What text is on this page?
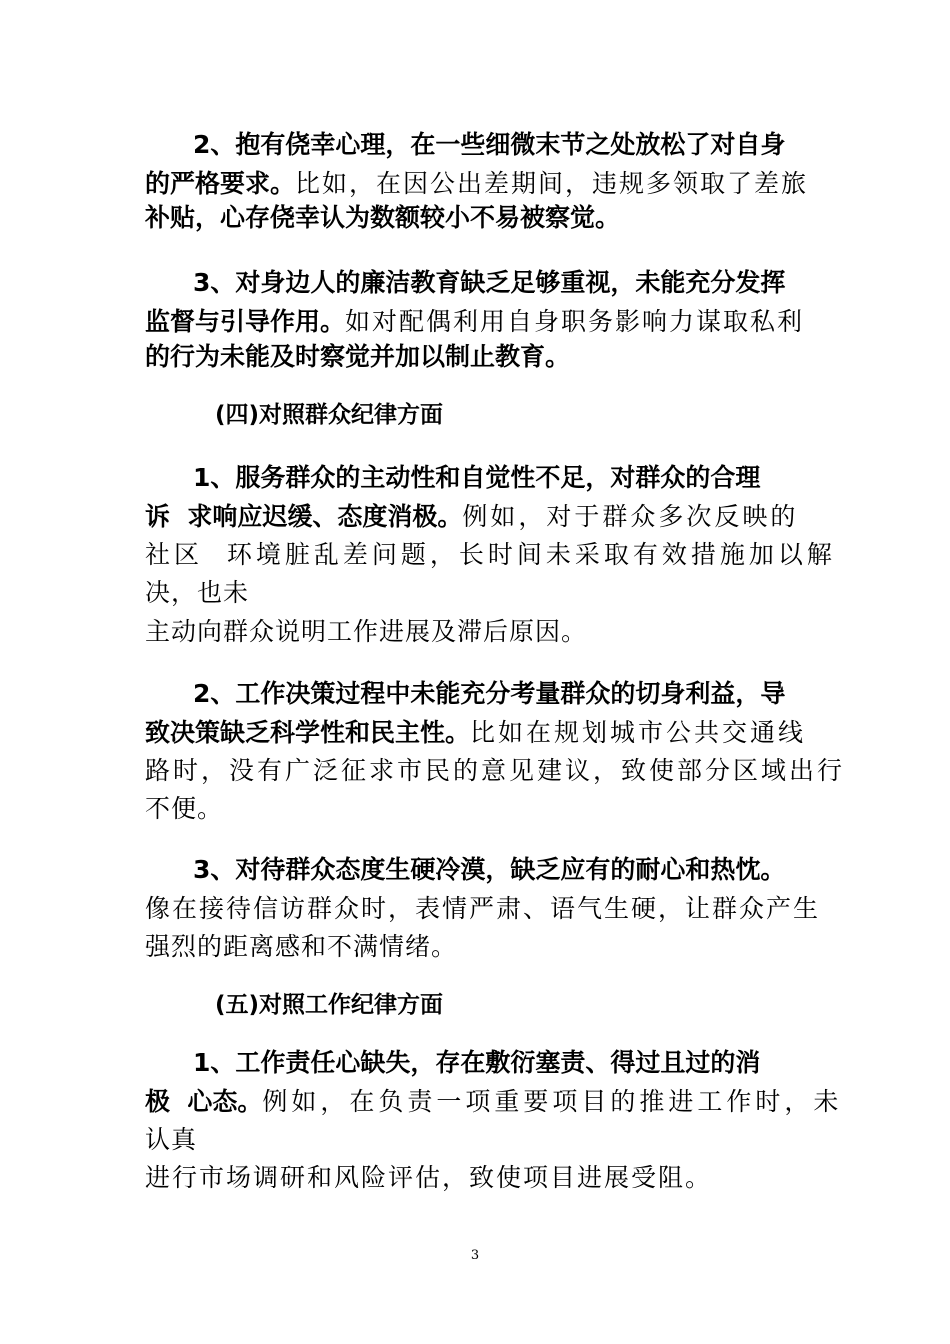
2、抱有侥幸心理，在一些细微末节之处放松了对自身
的严格要求。比如，在因公出差期间，违规多领取了差旅
补贴，心存侥幸认为数额较小不易被察觉。
3、对身边人的廉洁教育缺乏足够重视，未能充分发挥
监督与引导作用。如对配偶利用自身职务影响力谋取私利
的行为未能及时察觉并加以制止教育。
(四)对照群众纪律方面
1、服务群众的主动性和自觉性不足，对群众的合理
诉  求响应迟缓、态度消极。例如，对于群众多次反映的
社区  环境脏乱差问题，长时间未采取有效措施加以解
决，也未
主动向群众说明工作进展及滞后原因。
2、工作决策过程中未能充分考量群众的切身利益，导
致决策缺乏科学性和民主性。比如在规划城市公共交通线
路时，没有广泛征求市民的意见建议，致使部分区域出行
不便。
3、对待群众态度生硬冷漠，缺乏应有的耐心和热忱。
像在接待信访群众时，表情严肃、语气生硬，让群众产生
强烈的距离感和不满情绪。
(五)对照工作纪律方面
1、工作责任心缺失，存在敷衍塞责、得过且过的消
极  心态。例如，在负责一项重要项目的推进工作时，未
认真
进行市场调研和风险评估，致使项目进展受阻。
3
